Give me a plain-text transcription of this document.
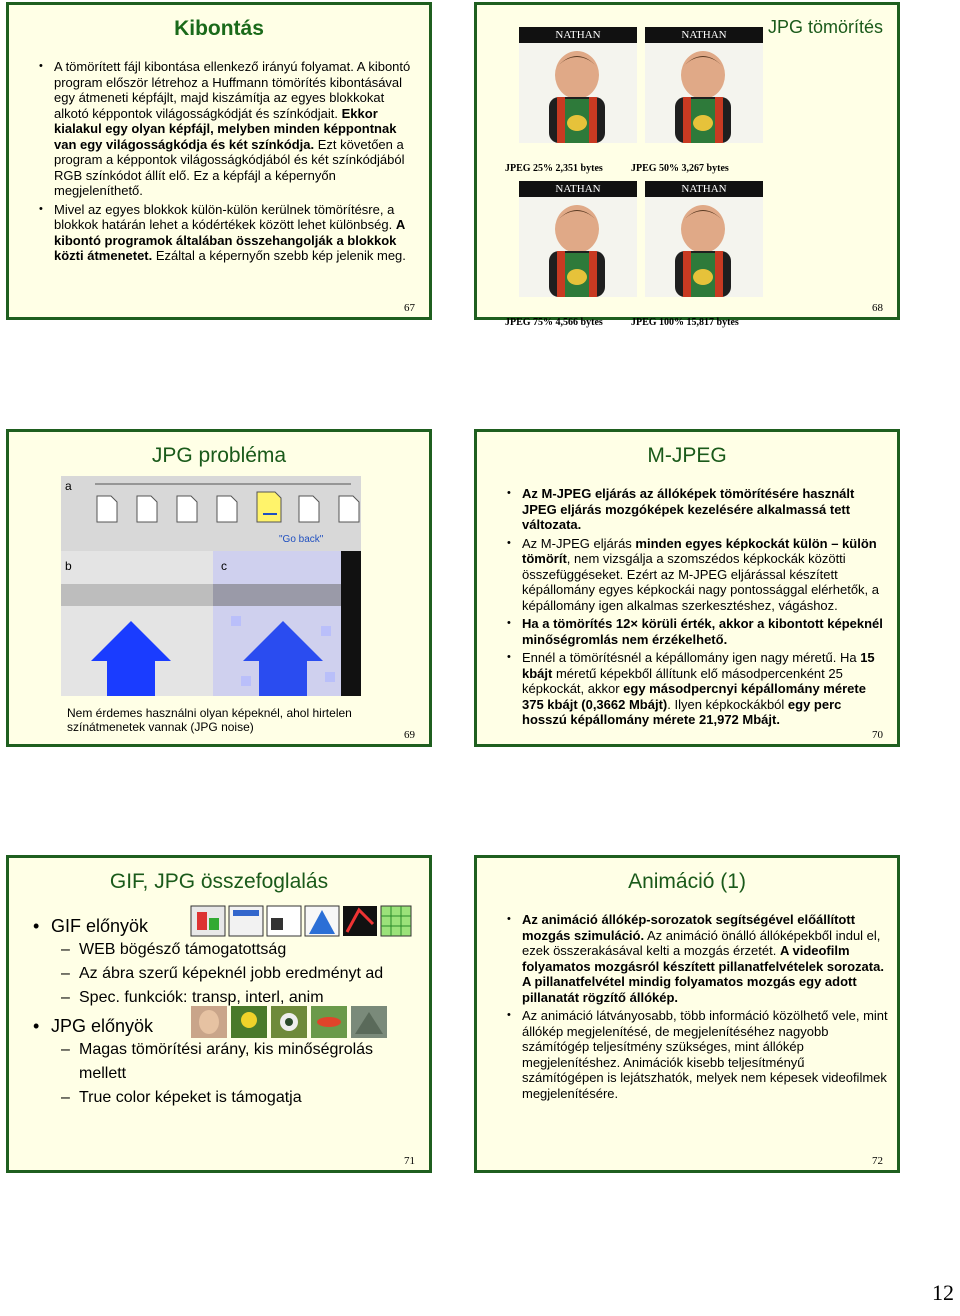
Kibontás
• A tömörített fájl kibontása ellenkező irányú folyamat. A kibontó program először létrehoz a Huffmann tömörítés kibontásával egy átmeneti képfájlt, majd kiszámítja az egyes blokkokat alkotó képpontok világosságkódját és színkódjait. Ekkor kialakul egy olyan képfájl, melyben minden képpontnak van egy világosságkódja és két színkódja. Ezt követően a program a képpontok világosságkódjából és két színkódjából RGB színkódot állít elő. Ez a képfájl a képernyőn megjeleníthető.
• Mivel az egyes blokkok külön-külön kerülnek tömörítésre, a blokkok határán lehet a kódértékek között lehet különbség. A kibontó programok általában összehangolják a blokkok közti átmenetet. Ezáltal a képernyőn szebb kép jelenik meg.
67
JPG tömörítés
NATHAN
JPEG 25% 2,351 bytes
NATHAN
JPEG 50% 3,267 bytes
NATHAN
JPEG 75% 4,566 bytes
NATHAN
JPEG 100% 15,817 bytes
68
JPG probléma
a
"Go back"
b	c
Nem érdemes használni olyan képeknél, ahol hirtelen színátmenetek vannak (JPG noise)
69
M-JPEG
• Az M-JPEG eljárás az állóképek tömörítésére használt JPEG eljárás mozgóképek kezelésére alkalmassá tett változata.
• Az M-JPEG eljárás minden egyes képkockát külön – külön tömörít, nem vizsgálja a szomszédos képkockák közötti összefüggéseket. Ezért az M-JPEG eljárással készített képállomány egyes képkockái nagy pontossággal elérhetők, a képállomány igen alkalmas szerkesztéshez, vágáshoz.
• Ha a tömörítés 12× körüli érték, akkor a kibontott képeknél minőségromlás nem érzékelhető.
• Ennél a tömörítésnél a képállomány igen nagy méretű. Ha 15 kbájt méretű képekből állítunk elő másodpercenként 25 képkockát, akkor egy másodpercnyi képállomány mérete 375 kbájt (0,3662 Mbájt). Ilyen képkockákból egy perc hosszú képállomány mérete 21,972 Mbájt.
70
GIF, JPG összefoglalás
• GIF előnyök
– WEB bögésző támogatottság
– Az ábra szerű képeknél jobb eredményt ad
– Spec. funkciók: transp, interl, anim
• JPG előnyök
– Magas tömörítési arány, kis minőségrolás mellett
– True color képeket is támogatja
71
Animáció (1)
• Az animáció állókép-sorozatok segítségével előállított mozgás szimuláció. Az animáció önálló állóképekből indul el, ezek összerakásával kelti a mozgás érzetét. A videofilm folyamatos mozgásról készített pillanatfelvételek sorozata. A pillanatfelvétel mindig folyamatos mozgás egy adott pillanatát rögzítő állókép.
• Az animáció látványosabb, több információ közölhető vele, mint állókép megjelenítésé, de megjelenítéséhez nagyobb számítógép teljesítmény szükséges, mint állókép megjelenítéshez. Animációk kisebb teljesítményű számítógépen is lejátszhatók, melyek nem képesek videofilmek megjelenítésére.
72
12
